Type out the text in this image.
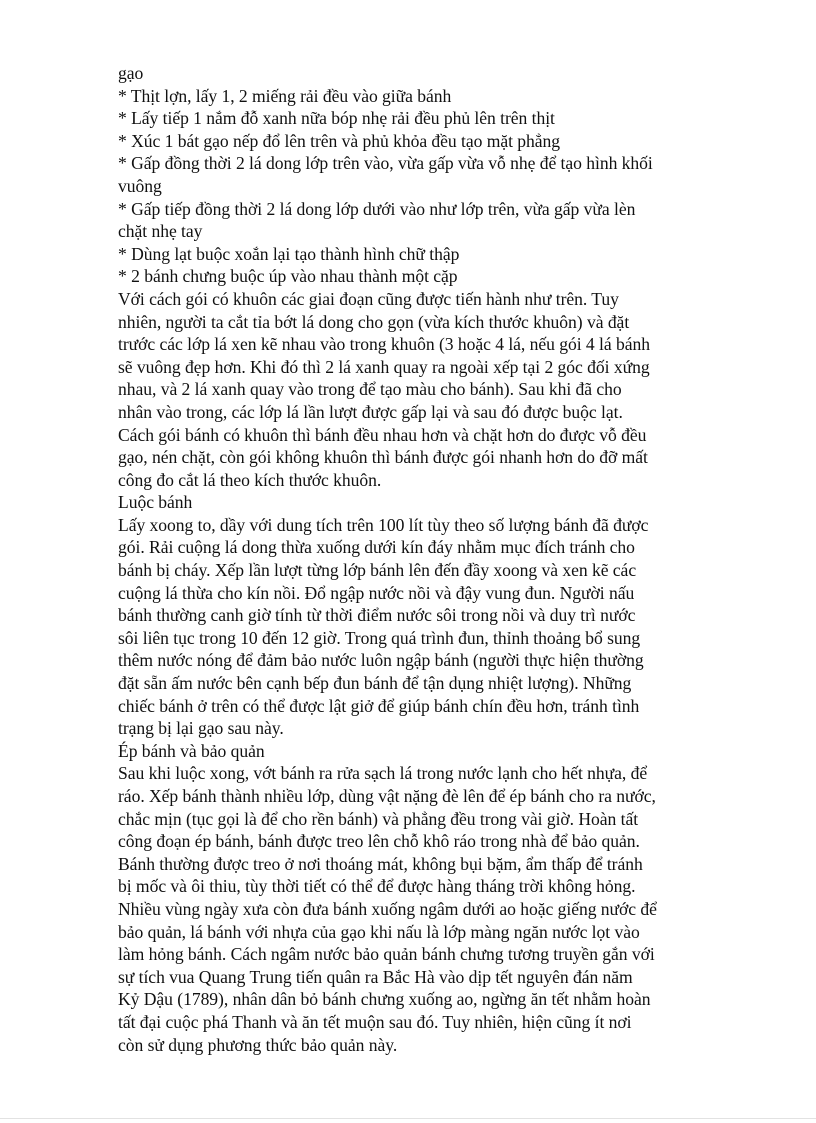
gạo
* Thịt lợn, lấy 1, 2 miếng rải đều vào giữa bánh
* Lấy tiếp 1 nắm đỗ xanh nữa bóp nhẹ rải đều phủ lên trên thịt
* Xúc 1 bát gạo nếp đổ lên trên và phủ khỏa đều tạo mặt phẳng
* Gấp đồng thời 2 lá dong lớp trên vào, vừa gấp vừa vỗ nhẹ để tạo hình khối
vuông
* Gấp tiếp đồng thời 2 lá dong lớp dưới vào như lớp trên, vừa gấp vừa lèn
chặt nhẹ tay
* Dùng lạt buộc xoắn lại tạo thành hình chữ thập
* 2 bánh chưng buộc úp vào nhau thành một cặp
Với cách gói có khuôn các giai đoạn cũng được tiến hành như trên. Tuy
nhiên, người ta cắt tỉa bớt lá dong cho gọn (vừa kích thước khuôn) và đặt
trước các lớp lá xen kẽ nhau vào trong khuôn (3 hoặc 4 lá, nếu gói 4 lá bánh
sẽ vuông đẹp hơn. Khi đó thì 2 lá xanh quay ra ngoài xếp tại 2 góc đối xứng
nhau, và 2 lá xanh quay vào trong để tạo màu cho bánh). Sau khi đã cho
nhân vào trong, các lớp lá lần lượt được gấp lại và sau đó được buộc lạt.
Cách gói bánh có khuôn thì bánh đều nhau hơn và chặt hơn do được vỗ đều
gạo, nén chặt, còn gói không khuôn thì bánh được gói nhanh hơn do đỡ mất
công đo cắt lá theo kích thước khuôn.
Luộc bánh
Lấy xoong to, dầy với dung tích trên 100 lít tùy theo số lượng bánh đã được
gói. Rải cuộng lá dong thừa xuống dưới kín đáy nhằm mục đích tránh cho
bánh bị cháy. Xếp lần lượt từng lớp bánh lên đến đầy xoong và xen kẽ các
cuộng lá thừa cho kín nồi. Đổ ngập nước nồi và đậy vung đun. Người nấu
bánh thường canh giờ tính từ thời điểm nước sôi trong nồi và duy trì nước
sôi liên tục trong 10 đến 12 giờ. Trong quá trình đun, thỉnh thoảng bổ sung
thêm nước nóng để đảm bảo nước luôn ngập bánh (người thực hiện thường
đặt sẵn ấm nước bên cạnh bếp đun bánh để tận dụng nhiệt lượng). Những
chiếc bánh ở trên có thể được lật giở để giúp bánh chín đều hơn, tránh tình
trạng bị lại gạo sau này.
Ép bánh và bảo quản
Sau khi luộc xong, vớt bánh ra rửa sạch lá trong nước lạnh cho hết nhựa, để
ráo. Xếp bánh thành nhiều lớp, dùng vật nặng đè lên để ép bánh cho ra nước,
chắc mịn (tục gọi là để cho rền bánh) và phẳng đều trong vài giờ. Hoàn tất
công đoạn ép bánh, bánh được treo lên chỗ khô ráo trong nhà để bảo quản.
Bánh thường được treo ở nơi thoáng mát, không bụi bặm, ẩm thấp để tránh
bị mốc và ôi thiu, tùy thời tiết có thể để được hàng tháng trời không hỏng.
Nhiều vùng ngày xưa còn đưa bánh xuống ngâm dưới ao hoặc giếng nước để
bảo quản, lá bánh với nhựa của gạo khi nấu là lớp màng ngăn nước lọt vào
làm hỏng bánh. Cách ngâm nước bảo quản bánh chưng tương truyền gắn với
sự tích vua Quang Trung tiến quân ra Bắc Hà vào dịp tết nguyên đán năm
Kỷ Dậu (1789), nhân dân bỏ bánh chưng xuống ao, ngừng ăn tết nhằm hoàn
tất đại cuộc phá Thanh và ăn tết muộn sau đó. Tuy nhiên, hiện cũng ít nơi
còn sử dụng phương thức bảo quản này.
